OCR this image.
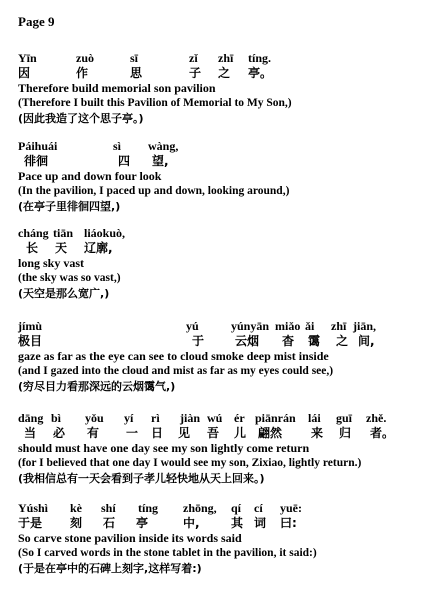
Page 9
Yīn	zuò	sī	zǐ zhī tíng.
因	作	思	子 之 亭。
Therefore build memorial son pavilion
(Therefore I built this Pavilion of Memorial to My Son,)
(因此我造了这个思子亭。)
Páihuái	sì wàng,
徘徊	四 望,
Pace up and down four look
(In the pavilion, I paced up and down, looking around,)
(在亭子里徘徊四望,)
cháng tiān liáokuò,
长 天 辽廓,
long sky vast
(the sky was so vast,)
(天空是那么宽广,)
jímù	yú	yúnyān miǎo ǎi zhī jiān,
极目	于	云烟 杳 霭 之 间,
gaze as far as the eye can see to cloud smoke deep mist inside
(and I gazed into the cloud and mist as far as my eyes could see,)
(穷尽目力看那深远的云烟霭气,)
dāng bì yǒu yí rì jiàn wú ér piānrán lái guī zhě.
当 必 有 一 日 见 吾 儿 翩然 来 归 者。
should must have one day see my son lightly come return
(for I believed that one day I would see my son, Zixiao, lightly return.)
(我相信总有一天会看到子孝儿轻快地从天上回来。)
Yúshì kè shí tíng zhōng, qí cí yuē:
于是 刻 石 亭	中,	其 词 曰:
So carve stone pavilion inside its words said
(So I carved words in the stone tablet in the pavilion, it said:)
(于是在亭中的石碑上刻字,这样写着:)
